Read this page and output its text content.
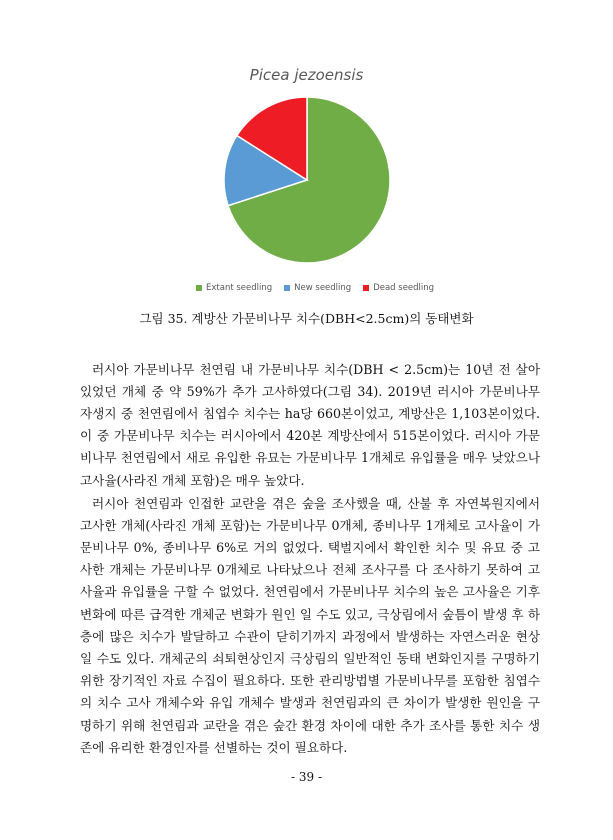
Picea jezoensis
Extant seedling	New seedling	Dead seedling
그림 35. 계방산 가문비나무 치수(DBH<2.5cm)의 동태변화

러시아 가문비나무 천연림 내 가문비나무 치수(DBH < 2.5cm)는 10년 전 살아있었던 개체 중 약 59%가 추가 고사하였다(그림 34). 2019년 러시아 가문비나무 자생지 중 천연림에서 침엽수 치수는 ha당 660본이었고, 계방산은 1,103본이었다. 이 중 가문비나무 치수는 러시아에서 420본 계방산에서 515본이었다. 러시아 가문비나무 천연림에서 새로 유입한 유묘는 가문비나무 1개체로 유입률을 매우 낮았으나 고사율(사라진 개체 포함)은 매우 높았다.

러시아 천연림과 인접한 교란을 겪은 숲을 조사했을 때, 산불 후 자연복원지에서 고사한 개체(사라진 개체 포함)는 가문비나무 0개체, 종비나무 1개체로 고사율이 가문비나무 0%, 종비나무 6%로 거의 없었다. 택벌지에서 확인한 치수 및 유묘 중 고사한 개체는 가문비나무 0개체로 나타났으나 전체 조사구를 다 조사하기 못하여 고사율과 유입률을 구할 수 없었다. 천연림에서 가문비나무 치수의 높은 고사율은 기후변화에 따른 급격한 개체군 변화가 원인 일 수도 있고, 극상림에서 숲틈이 발생 후 하층에 많은 치수가 발달하고 수관이 닫히기까지 과정에서 발생하는 자연스러운 현상일 수도 있다. 개체군의 쇠퇴현상인지 극상림의 일반적인 동태 변화인지를 구명하기 위한 장기적인 자료 수집이 필요하다. 또한 관리방법별 가문비나무를 포함한 침엽수의 치수 고사 개체수와 유입 개체수 발생과 천연림과의 큰 차이가 발생한 원인을 구명하기 위해 천연림과 교란을 겪은 숲간 환경 차이에 대한 추가 조사를 통한 치수 생존에 유리한 환경인자를 선별하는 것이 필요하다.

- 39 -
